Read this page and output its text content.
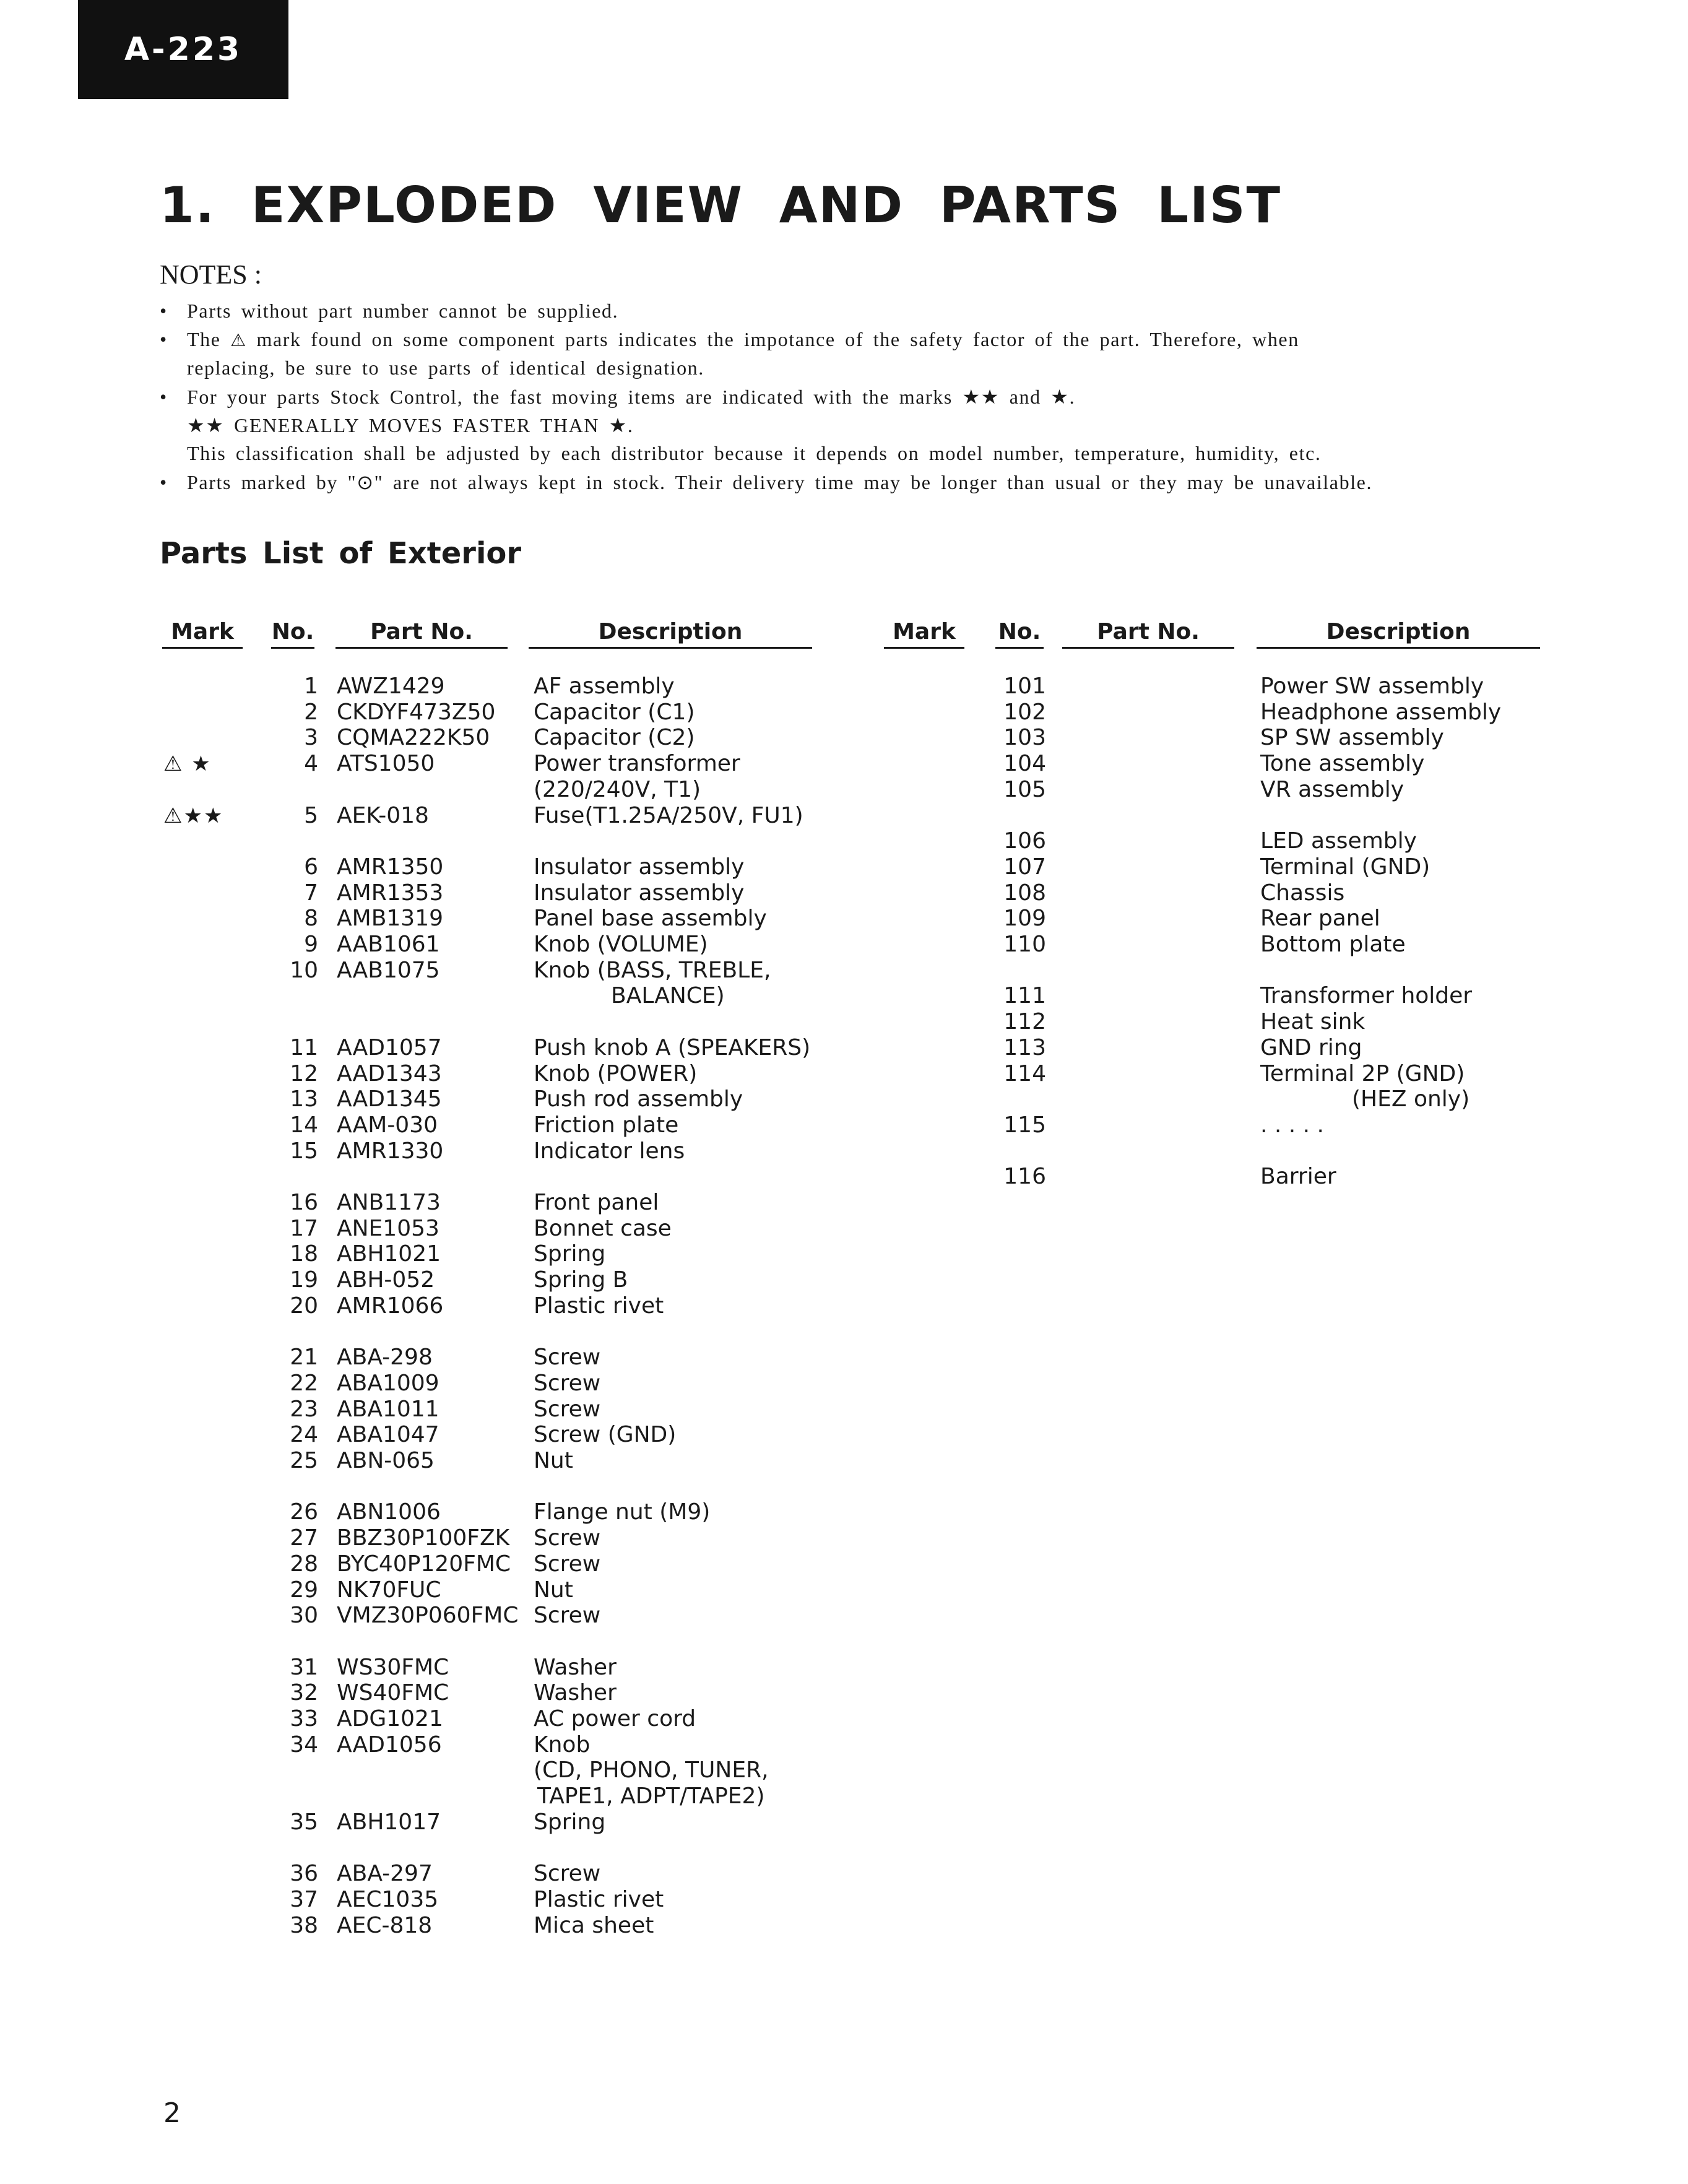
A-223
1. EXPLODED VIEW AND PARTS LIST
NOTES :
• Parts without part number cannot be supplied.
• The ⚠ mark found on some component parts indicates the impotance of the safety factor of the part. Therefore, when
replacing, be sure to use parts of identical designation.
• For your parts Stock Control, the fast moving items are indicated with the marks ★★ and ★.
★★ GENERALLY MOVES FASTER THAN ★.
This classification shall be adjusted by each distributor because it depends on model number, temperature, humidity, etc.
• Parts marked by "⊙" are not always kept in stock. Their delivery time may be longer than usual or they may be unavailable.
Parts List of Exterior
Mark	No.	Part No.	Description	Mark	No.	Part No.	Description
1 AWZ1429	AF assembly
2 CKDYF473Z50 Capacitor (C1)
3 CQMA222K50 Capacitor (C2)
⚠ ★	4 ATS1050	Power transformer
(220/240V, T1)
⚠★★	5 AEK-018	Fuse(T1.25A/250V, FU1)
6 AMR1350	Insulator assembly
7 AMR1353	Insulator assembly
8 AMB1319	Panel base assembly
9 AAB1061	Knob (VOLUME)
10 AAB1075	Knob (BASS, TREBLE,
BALANCE)
11 AAD1057	Push knob A (SPEAKERS)
12 AAD1343	Knob (POWER)
13 AAD1345	Push rod assembly
14 AAM-030	Friction plate
15 AMR1330	Indicator lens
16 ANB1173	Front panel
17 ANE1053	Bonnet case
18 ABH1021	Spring
19 ABH-052	Spring B
20 AMR1066	Plastic rivet
21 ABA-298	Screw
22 ABA1009	Screw
23 ABA1011	Screw
24 ABA1047	Screw (GND)
25 ABN-065	Nut
26 ABN1006	Flange nut (M9)
27 BBZ30P100FZK Screw
28 BYC40P120FMC Screw
29 NK70FUC	Nut
30 VMZ30P060FMC Screw
31 WS30FMC	Washer
32 WS40FMC	Washer
33 ADG1021	AC power cord
34 AAD1056	Knob
(CD, PHONO, TUNER,
TAPE1, ADPT/TAPE2)
35 ABH1017	Spring
36 ABA-297	Screw
37 AEC1035	Plastic rivet
38 AEC-818	Mica sheet
101	Power SW assembly
102	Headphone assembly
103	SP SW assembly
104	Tone assembly
105	VR assembly
106	LED assembly
107	Terminal (GND)
108	Chassis
109	Rear panel
110	Bottom plate
111	Transformer holder
112	Heat sink
113	GND ring
114	Terminal 2P (GND)
(HEZ only)
115	. . . . .
116	Barrier
2
